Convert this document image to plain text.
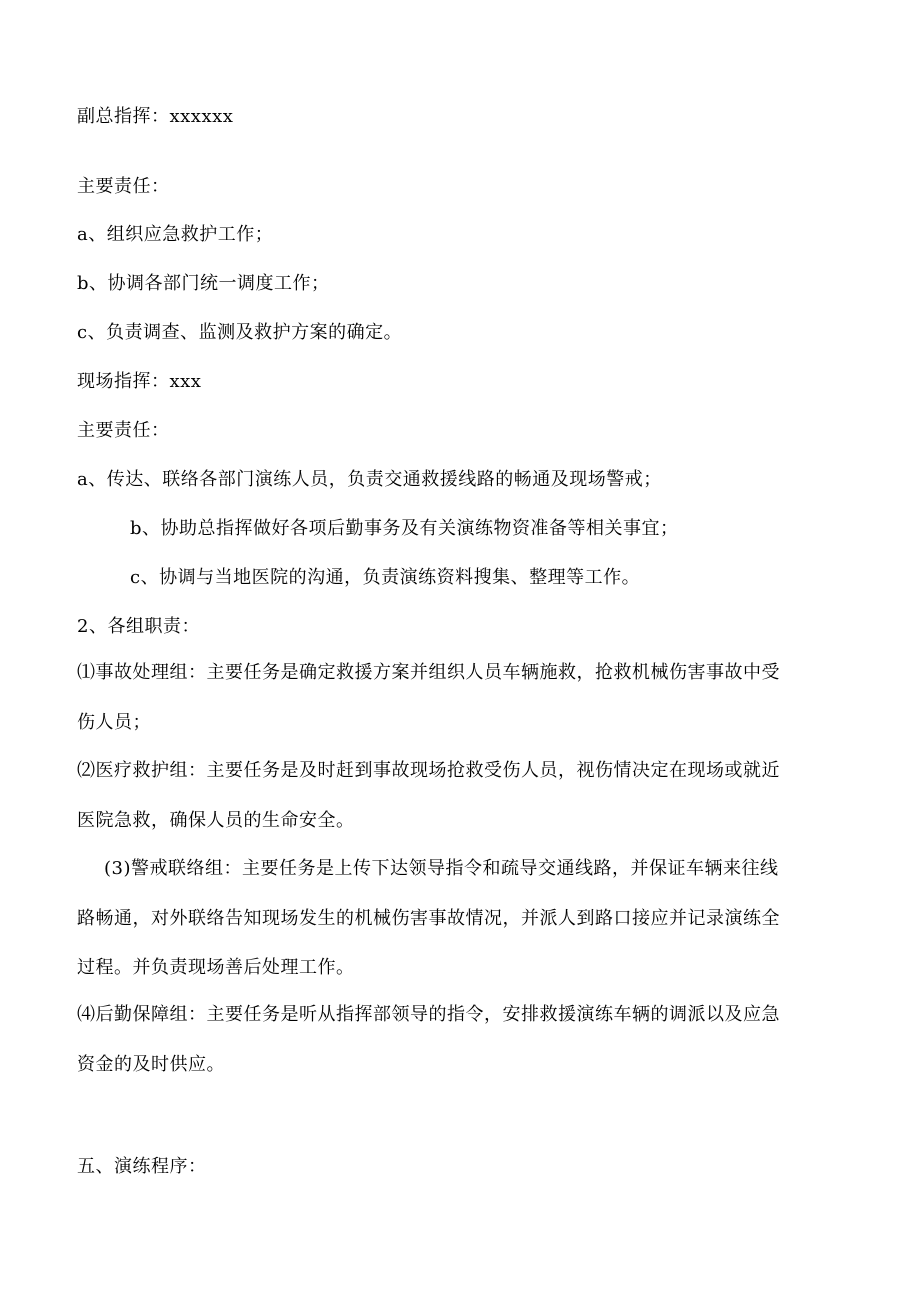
副总指挥：xxxxxx
主要责任：
a、组织应急救护工作；
b、协调各部门统一调度工作；
c、负责调查、监测及救护方案的确定。
现场指挥：xxx
主要责任：
a、传达、联络各部门演练人员，负责交通救援线路的畅通及现场警戒；
b、协助总指挥做好各项后勤事务及有关演练物资准备等相关事宜；
c、协调与当地医院的沟通，负责演练资料搜集、整理等工作。
2、各组职责：
⑴事故处理组：主要任务是确定救援方案并组织人员车辆施救，抢救机械伤害事故中受
伤人员；
⑵医疗救护组：主要任务是及时赶到事故现场抢救受伤人员，视伤情决定在现场或就近
医院急救，确保人员的生命安全。
(3)警戒联络组：主要任务是上传下达领导指令和疏导交通线路，并保证车辆来往线
路畅通，对外联络告知现场发生的机械伤害事故情况，并派人到路口接应并记录演练全
过程。并负责现场善后处理工作。
⑷后勤保障组：主要任务是听从指挥部领导的指令，安排救援演练车辆的调派以及应急
资金的及时供应。
五、演练程序：
